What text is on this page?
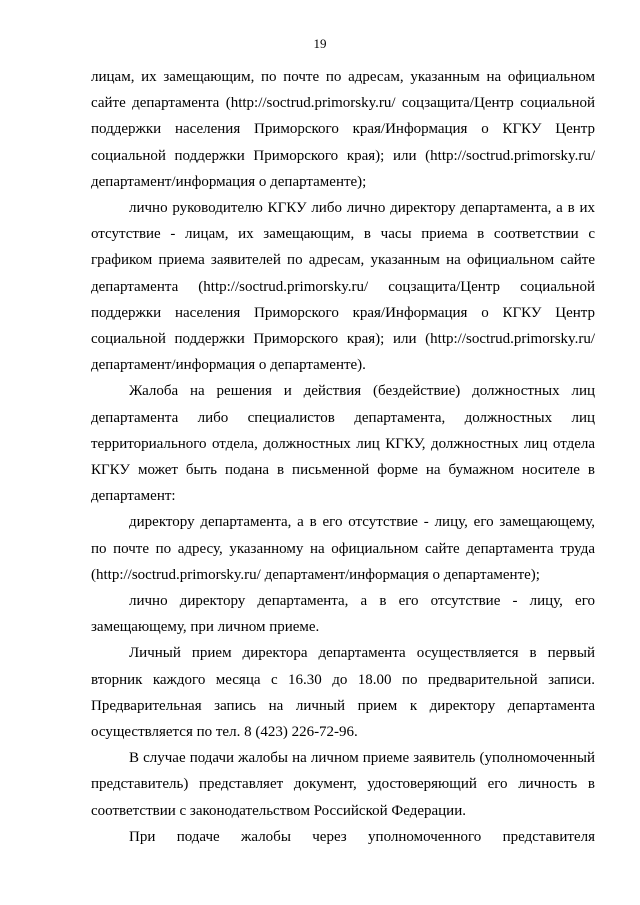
19

лицам, их замещающим, по почте по адресам, указанным на официальном сайте департамента (http://soctrud.primorsky.ru/ соцзащита/Центр социальной поддержки населения Приморского края/Информация о КГКУ Центр социальной поддержки Приморского края); или (http://soctrud.primorsky.ru/ департамент/информация о департаменте);

лично руководителю КГКУ либо лично директору департамента, а в их отсутствие - лицам, их замещающим, в часы приема в соответствии с графиком приема заявителей по адресам, указанным на официальном сайте департамента (http://soctrud.primorsky.ru/ соцзащита/Центр социальной поддержки населения Приморского края/Информация о КГКУ Центр социальной поддержки Приморского края); или (http://soctrud.primorsky.ru/ департамент/информация о департаменте).

Жалоба на решения и действия (бездействие) должностных лиц департамента либо специалистов департамента, должностных лиц территориального отдела, должностных лиц КГКУ, должностных лиц отдела КГКУ может быть подана в письменной форме на бумажном носителе в департамент:

директору департамента, а в его отсутствие - лицу, его замещающему, по почте по адресу, указанному на официальном сайте департамента труда (http://soctrud.primorsky.ru/ департамент/информация о департаменте);

лично директору департамента, а в его отсутствие - лицу, его замещающему, при личном приеме.

Личный прием директора департамента осуществляется в первый вторник каждого месяца с 16.30 до 18.00 по предварительной записи. Предварительная запись на личный прием к директору департамента осуществляется по тел. 8 (423) 226-72-96.

В случае подачи жалобы на личном приеме заявитель (уполномоченный представитель) представляет документ, удостоверяющий его личность в соответствии с законодательством Российской Федерации.

При подаче жалобы через уполномоченного представителя
